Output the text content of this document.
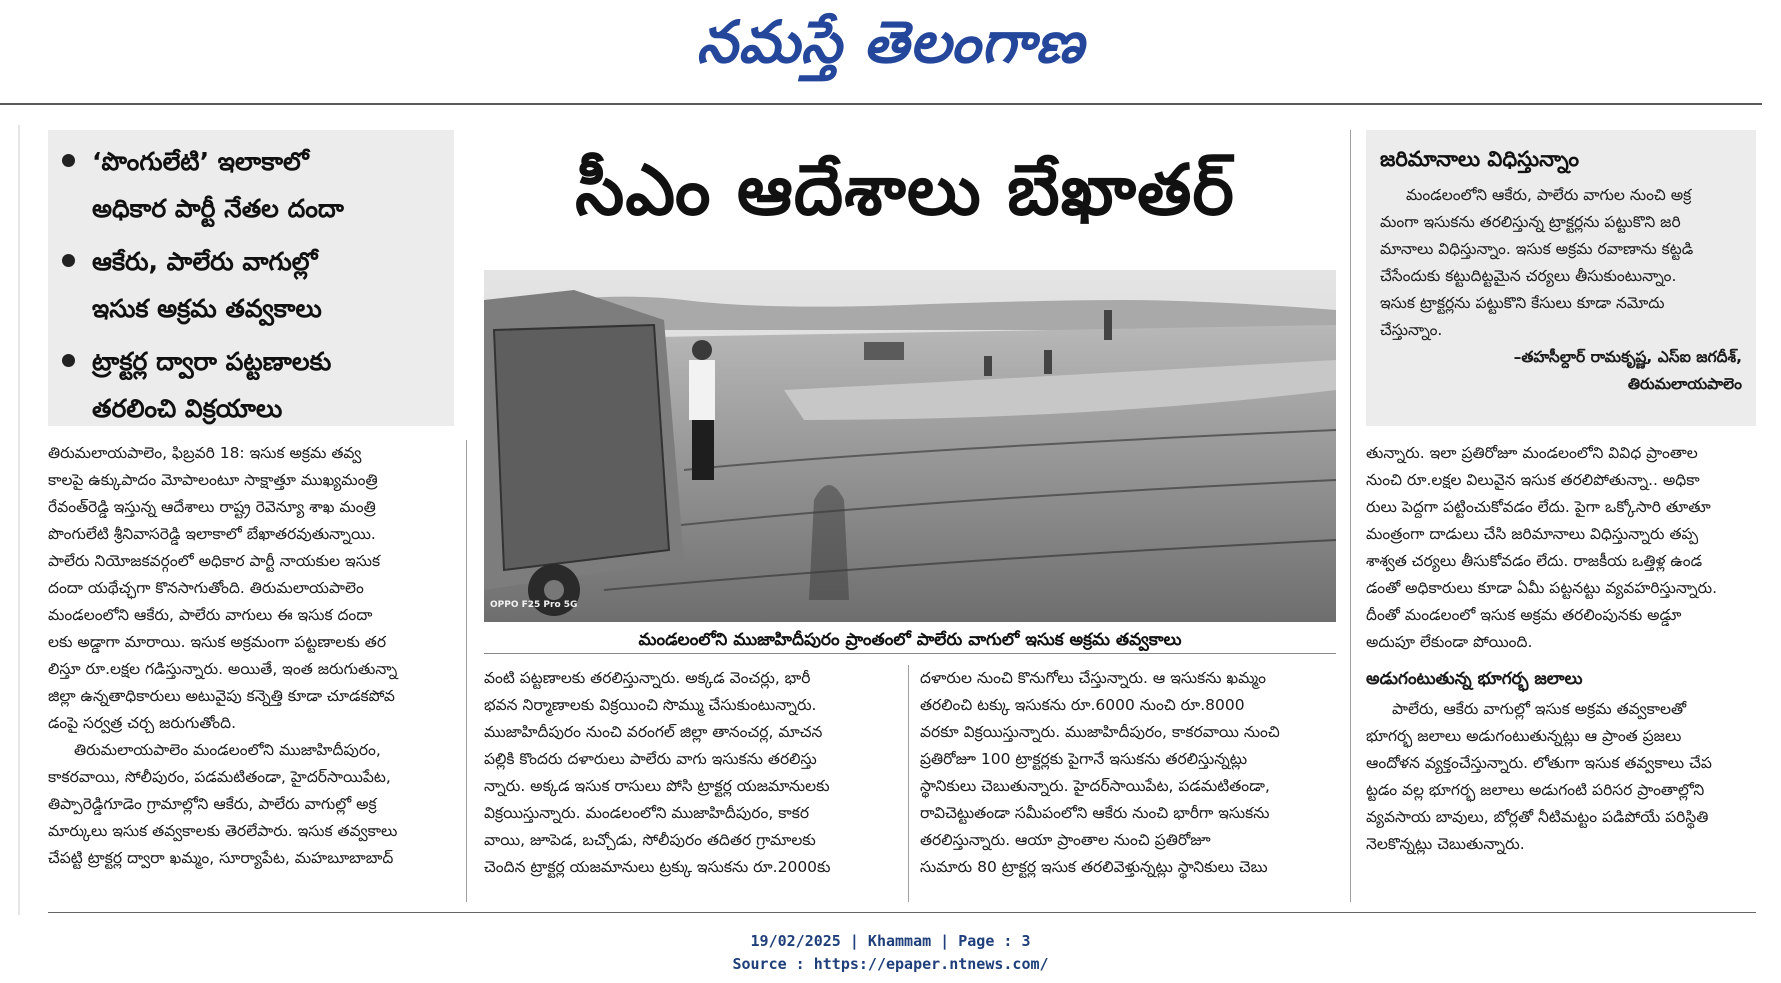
నమస్తే తెలంగాణ
‘పొంగులేటి’ ఇలాకాలో
అధికార పార్టీ నేతల దందా
ఆకేరు, పాలేరు వాగుల్లో
ఇసుక అక్రమ తవ్వకాలు
ట్రాక్టర్ల ద్వారా పట్టణాలకు
తరలించి విక్రయాలు
సీఎం ఆదేశాలు బేఖాతర్
OPPO F25 Pro 5G
మండలంలోని ముజాహిదీపురం ప్రాంతంలో పాలేరు వాగులో ఇసుక అక్రమ తవ్వకాలు

తిరుమలాయపాలెం, ఫిబ్రవరి 18: ఇసుక అక్రమ తవ్వ

కాలపై ఉక్కుపాదం మోపాలంటూ సాక్షాత్తూ ముఖ్యమంత్రి

రేవంత్‌రెడ్డి ఇస్తున్న ఆదేశాలు రాష్ట్ర రెవెన్యూ శాఖ మంత్రి

పొంగులేటి శ్రీనివాసరెడ్డి ఇలాకాలో బేఖాతరవుతున్నాయి.

పాలేరు నియోజకవర్గంలో అధికార పార్టీ నాయకుల ఇసుక

దందా యథేచ్ఛగా కొనసాగుతోంది. తిరుమలాయపాలెం

మండలంలోని ఆకేరు, పాలేరు వాగులు ఈ ఇసుక దందా

లకు అడ్డాగా మారాయి. ఇసుక అక్రమంగా పట్టణాలకు తర

లిస్తూ రూ.లక్షల గడిస్తున్నారు. అయితే, ఇంత జరుగుతున్నా

జిల్లా ఉన్నతాధికారులు అటువైపు కన్నెత్తి కూడా చూడకపోవ

డంపై సర్వత్ర చర్చ జరుగుతోంది.

తిరుమలాయపాలెం మండలంలోని ముజాహిదీపురం,

కాకరవాయి, సోలీపురం, పడమటితండా, హైదర్‌సాయిపేట,

తిప్పారెడ్డిగూడెం గ్రామాల్లోని ఆకేరు, పాలేరు వాగుల్లో అక్ర

మార్కులు ఇసుక తవ్వకాలకు తెరలేపారు. ఇసుక తవ్వకాలు

చేపట్టి ట్రాక్టర్ల ద్వారా ఖమ్మం, సూర్యాపేట, మహబూబాబాద్

వంటి పట్టణాలకు తరలిస్తున్నారు. అక్కడ వెంచర్లు, భారీ

భవన నిర్మాణాలకు విక్రయించి సొమ్ము చేసుకుంటున్నారు.

ముజాహిదీపురం నుంచి వరంగల్ జిల్లా తానంచర్ల, మాచన

పల్లికి కొందరు దళారులు పాలేరు వాగు ఇసుకను తరలిస్తు

న్నారు. అక్కడ ఇసుక రాసులు పోసి ట్రాక్టర్ల యజమానులకు

విక్రయిస్తున్నారు. మండలంలోని ముజాహిదీపురం, కాకర

వాయి, జూపెడ, బచ్చోడు, సోలీపురం తదితర గ్రామాలకు

చెందిన ట్రాక్టర్ల యజమానులు ట్రక్కు ఇసుకను రూ.2000కు

దళారుల నుంచి కొనుగోలు చేస్తున్నారు. ఆ ఇసుకను ఖమ్మం

తరలించి టక్కు ఇసుకను రూ.6000 నుంచి రూ.8000

వరకూ విక్రయిస్తున్నారు. ముజాహిదీపురం, కాకరవాయి నుంచి

ప్రతిరోజూ 100 ట్రాక్టర్లకు పైగానే ఇసుకను తరలిస్తున్నట్లు

స్థానికులు చెబుతున్నారు. హైదర్‌సాయిపేట, పడమటితండా,

రావిచెట్టుతండా సమీపంలోని ఆకేరు నుంచి భారీగా ఇసుకను

తరలిస్తున్నారు. ఆయా ప్రాంతాల నుంచి ప్రతిరోజూ

సుమారు 80 ట్రాక్టర్ల ఇసుక తరలివెళ్తున్నట్లు స్థానికులు చెబు

జరిమానాలు విధిస్తున్నాం
మండలంలోని ఆకేరు, పాలేరు వాగుల నుంచి అక్ర
మంగా ఇసుకను తరలిస్తున్న ట్రాక్టర్లను పట్టుకొని జరి
మానాలు విధిస్తున్నాం. ఇసుక అక్రమ రవాణాను కట్టడి
చేసేందుకు కట్టుదిట్టమైన చర్యలు తీసుకుంటున్నాం.
ఇసుక ట్రాక్టర్లను పట్టుకొని కేసులు కూడా నమోదు
చేస్తున్నాం.
–తహసీల్దార్ రామకృష్ణ, ఎస్‌ఐ జగదీశ్,
తిరుమలాయపాలెం

తున్నారు. ఇలా ప్రతిరోజూ మండలంలోని వివిధ ప్రాంతాల

నుంచి రూ.లక్షల విలువైన ఇసుక తరలిపోతున్నా.. అధికా

రులు పెద్దగా పట్టించుకోవడం లేదు. పైగా ఒక్కోసారి తూతూ

మంత్రంగా దాడులు చేసి జరిమానాలు విధిస్తున్నారు తప్ప

శాశ్వత చర్యలు తీసుకోవడం లేదు. రాజకీయ ఒత్తిళ్ల ఉండ

డంతో అధికారులు కూడా ఏమీ పట్టనట్టు వ్యవహరిస్తున్నారు.

దీంతో మండలంలో ఇసుక అక్రమ తరలింపునకు అడ్డూ

అదుపూ లేకుండా పోయింది.

అడుగంటుతున్న భూగర్భ జలాలు

పాలేరు, ఆకేరు వాగుల్లో ఇసుక అక్రమ తవ్వకాలతో

భూగర్భ జలాలు అడుగంటుతున్నట్లు ఆ ప్రాంత ప్రజలు

ఆందోళన వ్యక్తంచేస్తున్నారు. లోతుగా ఇసుక తవ్వకాలు చేప

ట్టడం వల్ల భూగర్భ జలాలు అడుగంటి పరిసర ప్రాంతాల్లోని

వ్యవసాయ బావులు, బోర్లతో నీటిమట్టం పడిపోయే పరిస్థితి

నెలకొన్నట్లు చెబుతున్నారు.

19/02/2025 | Khammam | Page : 3
Source : https://epaper.ntnews.com/
